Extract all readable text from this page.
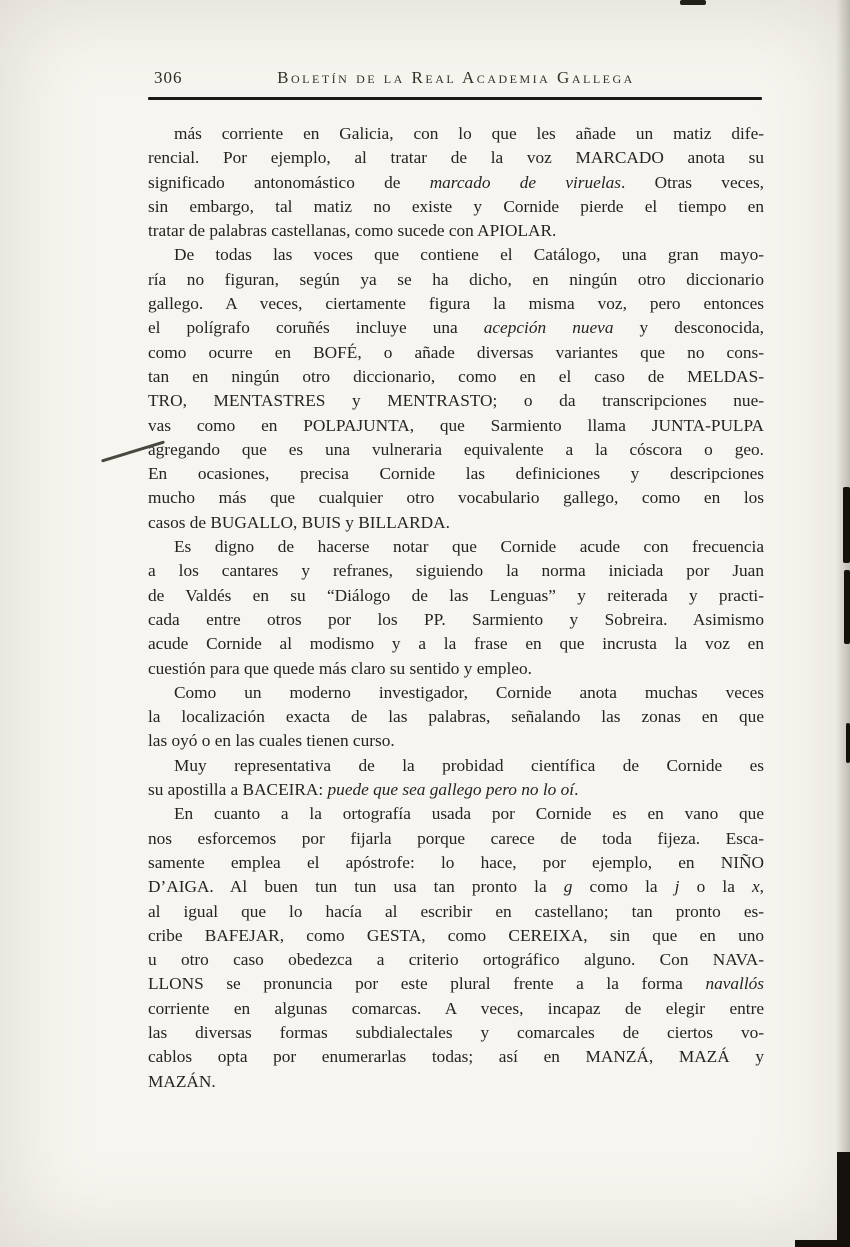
306	Boletín de la Real Academia Gallega
más corriente en Galicia, con lo que les añade un matiz dife-
rencial. Por ejemplo, al tratar de la voz MARCADO anota su
significado antonomástico de marcado de viruelas. Otras veces,
sin embargo, tal matiz no existe y Cornide pierde el tiempo en
tratar de palabras castellanas, como sucede con APIOLAR.
De todas las voces que contiene el Catálogo, una gran mayo-
ría no figuran, según ya se ha dicho, en ningún otro diccionario
gallego. A veces, ciertamente figura la misma voz, pero entonces
el polígrafo coruñés incluye una acepción nueva y desconocida,
como ocurre en BOFÉ, o añade diversas variantes que no cons-
tan en ningún otro diccionario, como en el caso de MELDAS-
TRO, MENTASTRES y MENTRASTO; o da transcripciones nue-
vas como en POLPAJUNTA, que Sarmiento llama JUNTA-PULPA
agregando que es una vulneraria equivalente a la cóscora o geo.
En ocasiones, precisa Cornide las definiciones y descripciones
mucho más que cualquier otro vocabulario gallego, como en los
casos de BUGALLO, BUIS y BILLARDA.
Es digno de hacerse notar que Cornide acude con frecuencia
a los cantares y refranes, siguiendo la norma iniciada por Juan
de Valdés en su “Diálogo de las Lenguas” y reiterada y practi-
cada entre otros por los PP. Sarmiento y Sobreira. Asimismo
acude Cornide al modismo y a la frase en que incrusta la voz en
cuestión para que quede más claro su sentido y empleo.
Como un moderno investigador, Cornide anota muchas veces
la localización exacta de las palabras, señalando las zonas en que
las oyó o en las cuales tienen curso.
Muy representativa de la probidad científica de Cornide es
su apostilla a BACEIRA: puede que sea gallego pero no lo oí.
En cuanto a la ortografía usada por Cornide es en vano que
nos esforcemos por fijarla porque carece de toda fijeza. Esca-
samente emplea el apóstrofe: lo hace, por ejemplo, en NIÑO
D’AIGA. Al buen tun tun usa tan pronto la g como la j o la x,
al igual que lo hacía al escribir en castellano; tan pronto es-
cribe BAFEJAR, como GESTA, como CEREIXA, sin que en uno
u otro caso obedezca a criterio ortográfico alguno. Con NAVA-
LLONS se pronuncia por este plural frente a la forma navallós
corriente en algunas comarcas. A veces, incapaz de elegir entre
las diversas formas subdialectales y comarcales de ciertos vo-
cablos opta por enumerarlas todas; así en MANZÁ, MAZÁ y
MAZÁN.
